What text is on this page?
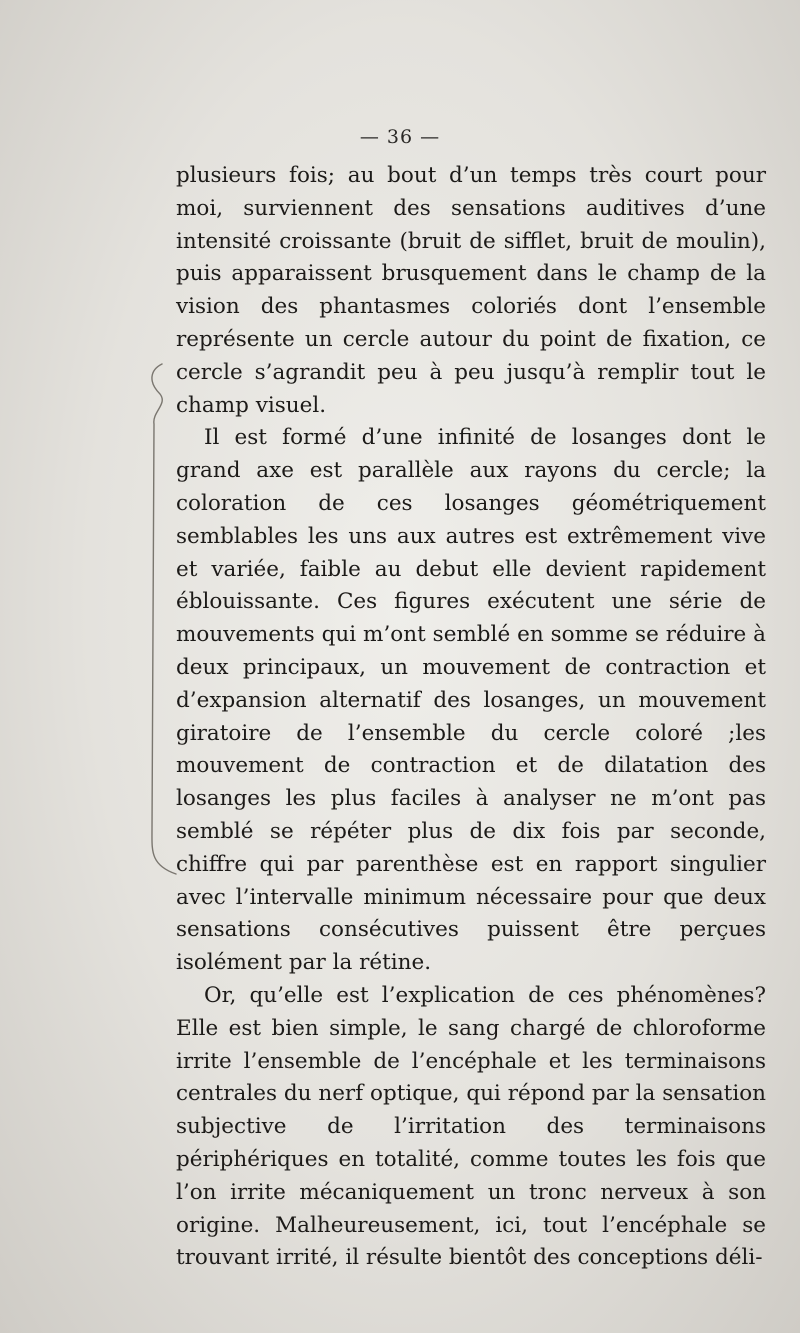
— 36 —

plusieurs fois; au bout d’un temps très court pour moi, surviennent des sensations auditives d’une intensité croissante (bruit de sifflet, bruit de moulin), puis apparaissent brusquement dans le champ de la vision des phantasmes coloriés dont l’ensemble représente un cercle autour du point de fixation, ce cercle s’agrandit peu à peu jusqu’à remplir tout le champ visuel.

Il est formé d’une infinité de losanges dont le grand axe est parallèle aux rayons du cercle; la coloration de ces losanges géométriquement semblables les uns aux autres est extrêmement vive et variée, faible au debut elle devient rapidement éblouissante. Ces figures exécutent une série de mouvements qui m’ont semblé en somme se réduire à deux principaux, un mouvement de contraction et d’expansion alternatif des losanges, un mouvement giratoire de l’ensemble du cercle coloré ;les mouvement de contraction et de dilatation des losanges les plus faciles à analyser ne m’ont pas semblé se répéter plus de dix fois par seconde, chiffre qui par parenthèse est en rapport singulier avec l’intervalle minimum nécessaire pour que deux sensations consécutives puissent être perçues isolément par la rétine.

Or, qu’elle est l’explication de ces phénomènes? Elle est bien simple, le sang chargé de chloroforme irrite l’ensemble de l’encéphale et les terminaisons centrales du nerf optique, qui répond par la sensation subjective de l’irritation des terminaisons périphériques en totalité, comme toutes les fois que l’on irrite mécaniquement un tronc nerveux à son origine. Malheureusement, ici, tout l’encéphale se trouvant irrité, il résulte bientôt des conceptions déli-
